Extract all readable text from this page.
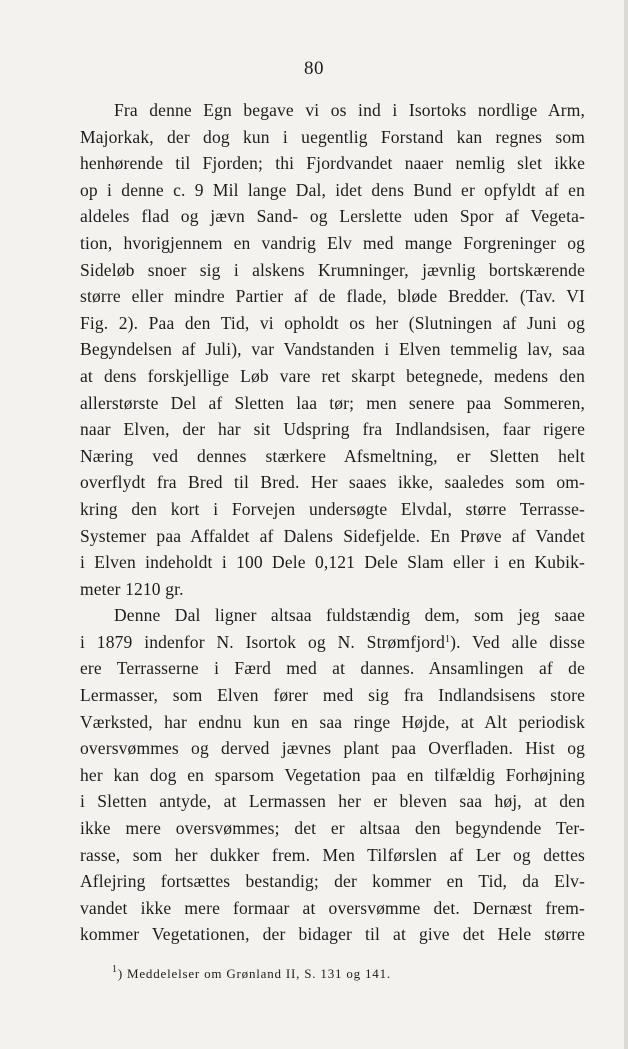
80
Fra denne Egn begave vi os ind i Isortoks nordlige Arm,
Majorkak, der dog kun i uegentlig Forstand kan regnes som
henhørende til Fjorden; thi Fjordvandet naaer nemlig slet ikke
op i denne c. 9 Mil lange Dal, idet dens Bund er opfyldt af en
aldeles flad og jævn Sand- og Lerslette uden Spor af Vegeta-
tion, hvorigjennem en vandrig Elv med mange Forgreninger og
Sideløb snoer sig i alskens Krumninger, jævnlig bortskærende
større eller mindre Partier af de flade, bløde Bredder. (Tav. VI
Fig. 2). Paa den Tid, vi opholdt os her (Slutningen af Juni og
Begyndelsen af Juli), var Vandstanden i Elven temmelig lav, saa
at dens forskjellige Løb vare ret skarpt betegnede, medens den
allerstørste Del af Sletten laa tør; men senere paa Sommeren,
naar Elven, der har sit Udspring fra Indlandsisen, faar rigere
Næring ved dennes stærkere Afsmeltning, er Sletten helt
overflydt fra Bred til Bred. Her saaes ikke, saaledes som om-
kring den kort i Forvejen undersøgte Elvdal, større Terrasse-
Systemer paa Affaldet af Dalens Sidefjelde. En Prøve af Vandet
i Elven indeholdt i 100 Dele 0,121 Dele Slam eller i en Kubik-
meter 1210 gr.
Denne Dal ligner altsaa fuldstændig dem, som jeg saae
i 1879 indenfor N. Isortok og N. Strømfjord$^1$). Ved alle disse
ere Terrasserne i Færd med at dannes. Ansamlingen af de
Lermasser, som Elven fører med sig fra Indlandsisens store
Værksted, har endnu kun en saa ringe Højde, at Alt periodisk
oversvømmes og derved jævnes plant paa Overfladen. Hist og
her kan dog en sparsom Vegetation paa en tilfældig Forhøjning
i Sletten antyde, at Lermassen her er bleven saa høj, at den
ikke mere oversvømmes; det er altsaa den begyndende Ter-
rasse, som her dukker frem. Men Tilførslen af Ler og dettes
Aflejring fortsættes bestandig; der kommer en Tid, da Elv-
vandet ikke mere formaar at oversvømme det. Dernæst frem-
kommer Vegetationen, der bidager til at give det Hele større
$^1$) Meddelelser om Grønland II, S. 131 og 141.
